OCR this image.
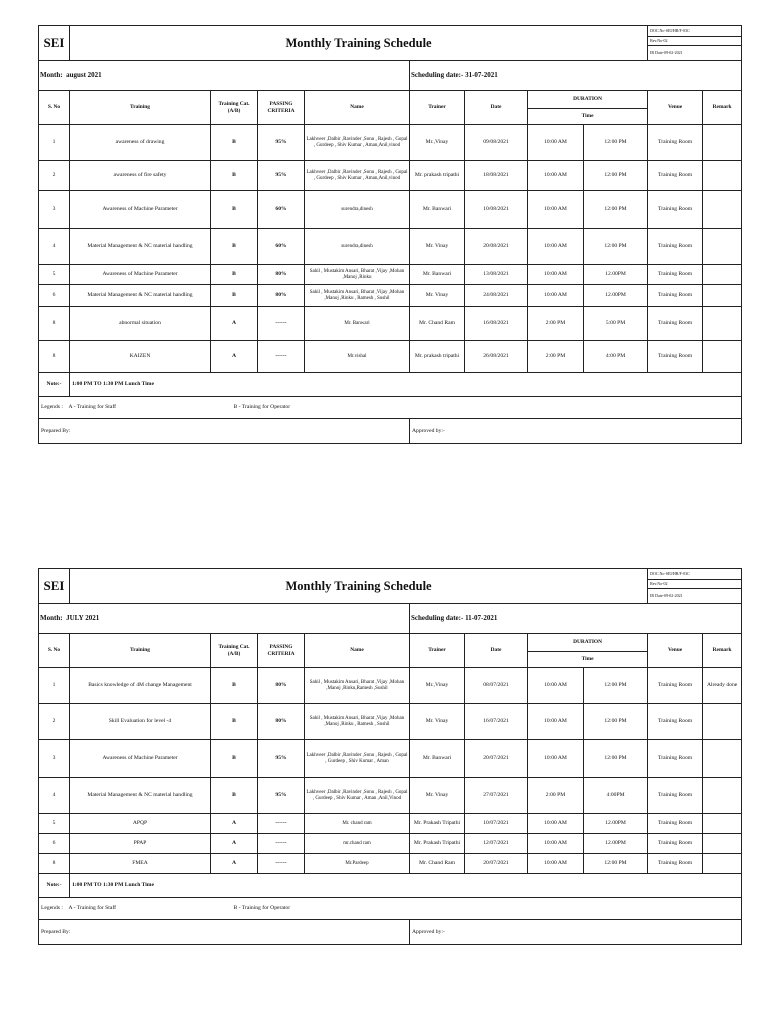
SEI	Monthly Training Schedule								DOC.No-SEI/HR/F-03C	
									Rev.No-02	
									IR Date-09-02-2021	
Month: august 2021					Scheduling date:- 31-07-2021					
S. No	Training	Training Cat. (A/B)	PASSING CRITERIA	Name	Trainer	Date	DURATION		Venue	Remark
							Time			
1	awareness of drawing	B	95%	Lakhveer ,Dalbir ,Ravinder ,Sonu , Rajesh , Gopal , Gurdeep , Shiv Kumar , Aman,Anil,vinod	Mr.,Vinay	09/08/2021	10:00 AM	12:00 PM	Training Room	
2	awareness of fire safety	B	95%	Lakhveer ,Dalbir ,Ravinder ,Sonu , Rajesh , Gopal , Gurdeep , Shiv Kumar , Aman,Anil,vinod	Mr. prakash tripathi	18/08/2021	10:00 AM	12:00 PM	Training Room	
3	Awareness of Machine Parameter	B	60%	surendra,dinesh	Mr. Banwari	10/08/2021	10:00 AM	12:00 PM	Training Room	
4	Material Management & NC material handling	B	60%	surendra,dinesh	Mr. Vinay	20/08/2021	10:00 AM	12:00 PM	Training Room	
5	Awareness of Machine Parameter	B	80%	Sahil , Mustakim Ansari, Bharat ,Vijay ,Mohan ,Manoj ,Rinku	Mr. Banwari	13/08/2021	10:00 AM	12.00PM	Training Room	
6	Material Management & NC material handling	B	80%	Sahil , Mustakim Ansari, Bharat ,Vijay ,Mohan ,Manoj ,Rinku , Ramesh , Sushil	Mr. Vinay	24/08/2021	10:00 AM	12.00PM	Training Room	
8	abnormal situation	A	------	Mr. Banwari	Mr. Chand Ram	16/08/2021	2:00 PM	5:00 PM	Training Room	
8	KAIZEN	A	------	Mr.vishal	Mr. prakash tripathi	26/08/2021	2:00 PM	4:00 PM	Training Room	
Note:-	1:00 PM TO 1:30 PM Lunch Time									
Legends : A - Training for Staff B - Training for Operator										
Prepared By:					Approved by:-					
SEI	Monthly Training Schedule								DOC.No-SEI/HR/F-03C	
									Rev.No-02	
									IR Date-09-02-2021	
Month: JULY 2021					Scheduling date:- 11-07-2021					
S. No	Training	Training Cat. (A/B)	PASSING CRITERIA	Name	Trainer	Date	DURATION		Venue	Remark
							Time			
1	Basics knowledge of 4M change Management	B	80%	Sahil , Mustakim Ansari, Bharat ,Vijay ,Mohan ,Manoj ,Rinku,Ramesh ,Sushil	Mr.,Vinay	08/07/2021	10:00 AM	12:00 PM	Training Room	Already done
2	Skill Evaluation for level -4	B	80%	Sahil , Mustakim Ansari, Bharat ,Vijay ,Mohan ,Manoj ,Rinku , Ramesh , Sushil	Mr. Vinay	16/07/2021	10:00 AM	12:00 PM	Training Room	
3	Awareness of Machine Parameter	B	95%	Lakhveer ,Dalbir ,Ravinder ,Sonu , Rajesh , Gopal , Gurdeep , Shiv Kumar , Aman	Mr. Banwari	20/07/2021	10:00 AM	12:00 PM	Training Room	
4	Material Management & NC material handling	B	95%	Lakhveer ,Dalbir ,Ravinder ,Sonu , Rajesh , Gopal , Gurdeep , Shiv Kumar , Aman ,Anil,Vinod	Mr. Vinay	27/07/2021	2:00 PM	4:00PM	Training Room	
5	APQP	A	------	Mr. chand ram	Mr. Prakash Tripathi	10/07/2021	10:00 AM	12.00PM	Training Room	
6	PPAP	A	------	mr.chand ram	Mr. Prakash Tripathi	12/07/2021	10:00 AM	12.00PM	Training Room	
8	FMEA	A	------	Mr.Pardeep	Mr. Chand Ram	20/07/2021	10:00 AM	12:00 PM	Training Room	
Note:-	1:00 PM TO 1:30 PM Lunch Time									
Legends : A - Training for Staff B - Training for Operator										
Prepared By:					Approved by:-					
